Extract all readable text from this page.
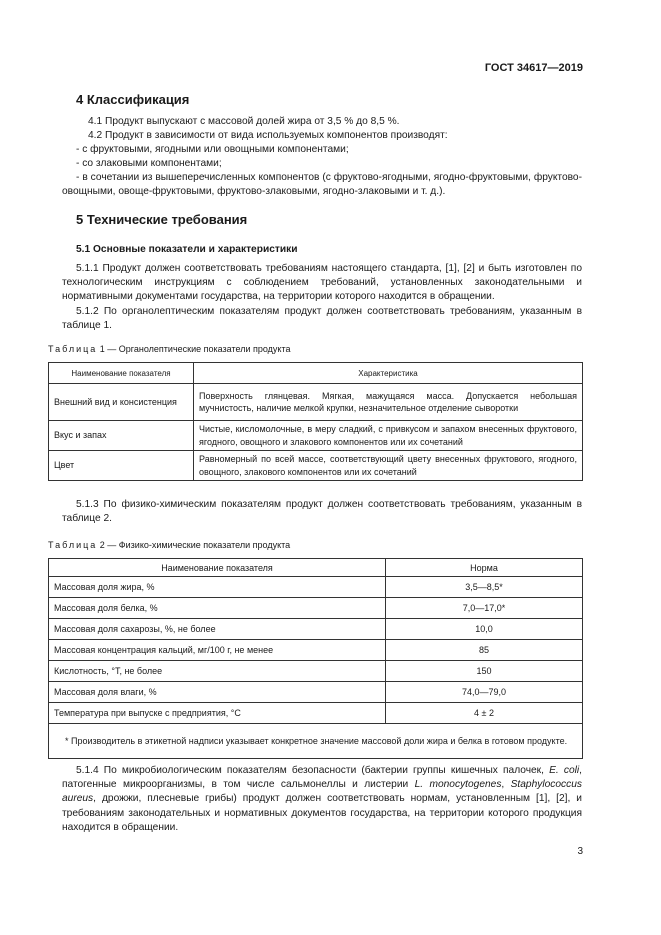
ГОСТ 34617—2019
4 Классификация
4.1 Продукт выпускают с массовой долей жира от 3,5 % до 8,5 %.
4.2 Продукт в зависимости от вида используемых компонентов производят:
- с фруктовыми, ягодными или овощными компонентами;
- со злаковыми компонентами;
- в сочетании из вышеперечисленных компонентов (с фруктово-ягодными, ягодно-фруктовыми, фруктово-овощными, овоще-фруктовыми, фруктово-злаковыми, ягодно-злаковыми и т. д.).
5 Технические требования
5.1 Основные показатели и характеристики
5.1.1 Продукт должен соответствовать требованиям настоящего стандарта, [1], [2] и быть изготовлен по технологическим инструкциям с соблюдением требований, установленных законодательными и нормативными документами государства, на территории которого находится в обращении.
5.1.2 По органолептическим показателям продукт должен соответствовать требованиям, указанным в таблице 1.
Таблица 1 — Органолептические показатели продукта
Наименование показателя	Характеристика
Внешний вид и консистенция	Поверхность глянцевая. Мягкая, мажущаяся масса. Допускается небольшая мучнистость, наличие мелкой крупки, незначительное отделение сыворотки
Вкус и запах	Чистые, кисломолочные, в меру сладкий, с привкусом и запахом внесенных фруктового, ягодного, овощного и злакового компонентов или их сочетаний
Цвет	Равномерный по всей массе, соответствующий цвету внесенных фруктового, ягодного, овощного, злакового компонентов или их сочетаний
5.1.3 По физико-химическим показателям продукт должен соответствовать требованиям, указанным в таблице 2.
Таблица 2 — Физико-химические показатели продукта
Наименование показателя	Норма
Массовая доля жира, %	3,5—8,5*
Массовая доля белка, %	7,0—17,0*
Массовая доля сахарозы, %, не более	10,0
Массовая концентрация кальций, мг/100 г, не менее	85
Кислотность, °Т, не более	150
Массовая доля влаги, %	74,0—79,0
Температура при выпуске с предприятия, °С	4 ± 2
* Производитель в этикетной надписи указывает конкретное значение массовой доли жира и белка в готовом продукте.	
5.1.4 По микробиологическим показателям безопасности (бактерии группы кишечных палочек, E. coli, патогенные микроорганизмы, в том числе сальмонеллы и листерии L. monocytogenes, Staphylococcus aureus, дрожжи, плесневые грибы) продукт должен соответствовать нормам, установленным [1], [2], и требованиям законодательных и нормативных документов государства, на территории которого продукция находится в обращении.
3
